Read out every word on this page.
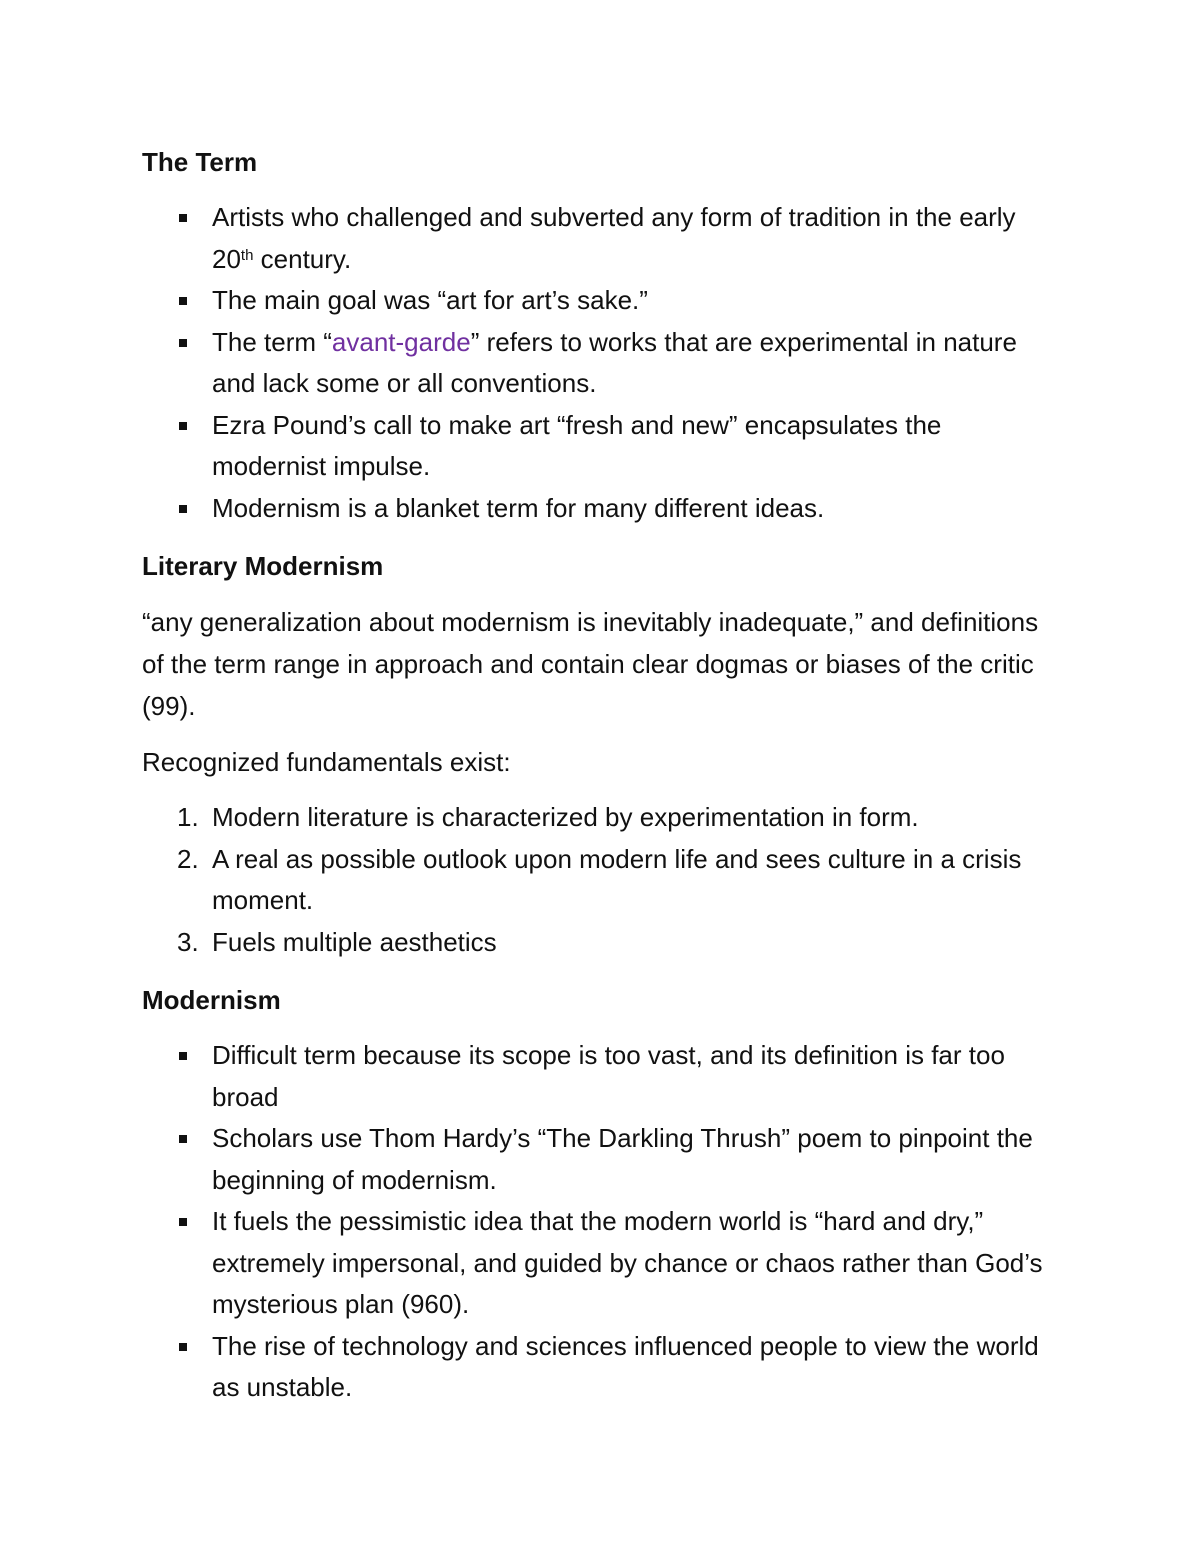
The Term
Artists who challenged and subverted any form of tradition in the early 20th century.
The main goal was “art for art’s sake.”
The term “avant-garde” refers to works that are experimental in nature and lack some or all conventions.
Ezra Pound’s call to make art “fresh and new” encapsulates the modernist impulse.
Modernism is a blanket term for many different ideas.
Literary Modernism

“any generalization about modernism is inevitably inadequate,” and definitions of the term range in approach and contain clear dogmas or biases of the critic (99).

Recognized fundamentals exist:

1. Modern literature is characterized by experimentation in form.
2. A real as possible outlook upon modern life and sees culture in a crisis moment.
3. Fuels multiple aesthetics
Modernism
Difficult term because its scope is too vast, and its definition is far too broad
Scholars use Thom Hardy’s “The Darkling Thrush” poem to pinpoint the beginning of modernism.
It fuels the pessimistic idea that the modern world is “hard and dry,” extremely impersonal, and guided by chance or chaos rather than God’s mysterious plan (960).
The rise of technology and sciences influenced people to view the world as unstable.
